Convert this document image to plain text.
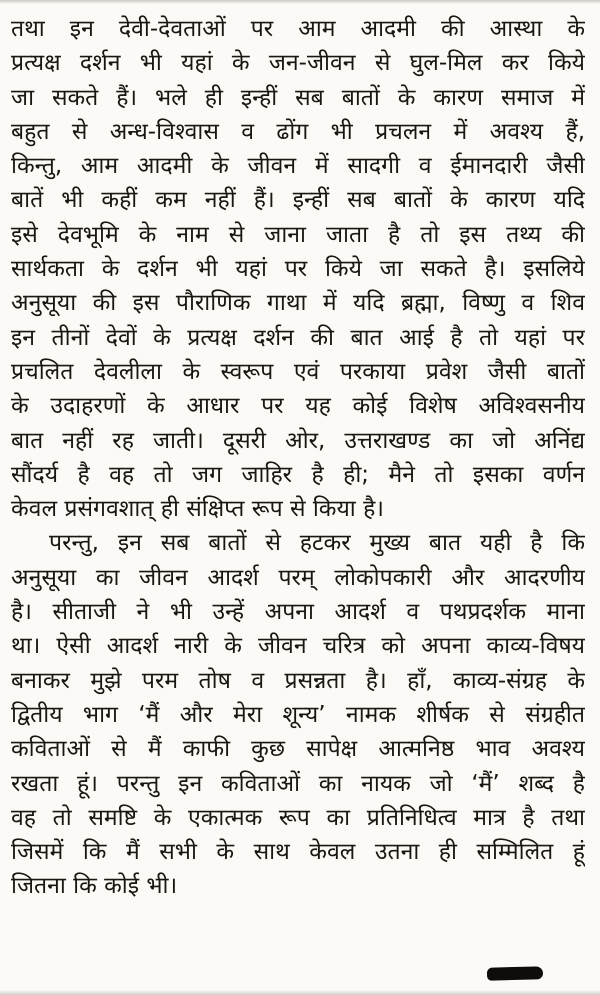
तथा इन देवी-देवताओं पर आम आदमी की आस्था के
प्रत्यक्ष दर्शन भी यहां के जन-जीवन से घुल-मिल कर किये
जा सकते हैं। भले ही इन्हीं सब बातों के कारण समाज में
बहुत से अन्ध-विश्वास व ढोंग भी प्रचलन में अवश्य हैं,
किन्तु, आम आदमी के जीवन में सादगी व ईमानदारी जैसी
बातें भी कहीं कम नहीं हैं। इन्हीं सब बातों के कारण यदि
इसे देवभूमि के नाम से जाना जाता है तो इस तथ्य की
सार्थकता के दर्शन भी यहां पर किये जा सकते है। इसलिये
अनुसूया की इस पौराणिक गाथा में यदि ब्रह्मा, विष्णु व शिव
इन तीनों देवों के प्रत्यक्ष दर्शन की बात आई है तो यहां पर
प्रचलित देवलीला के स्वरूप एवं परकाया प्रवेश जैसी बातों
के उदाहरणों के आधार पर यह कोई विशेष अविश्वसनीय
बात नहीं रह जाती। दूसरी ओर, उत्तराखण्ड का जो अनिंद्य
सौंदर्य है वह तो जग जाहिर है ही; मैने तो इसका वर्णन
केवल प्रसंगवशात् ही संक्षिप्त रूप से किया है।
परन्तु, इन सब बातों से हटकर मुख्य बात यही है कि
अनुसूया का जीवन आदर्श परम् लोकोपकारी और आदरणीय
है। सीताजी ने भी उन्हें अपना आदर्श व पथप्रदर्शक माना
था। ऐसी आदर्श नारी के जीवन चरित्र को अपना काव्य-विषय
बनाकर मुझे परम तोष व प्रसन्नता है। हाँ, काव्य-संग्रह के
द्वितीय भाग ‘मैं और मेरा शून्य’ नामक शीर्षक से संग्रहीत
कविताओं से मैं काफी कुछ सापेक्ष आत्मनिष्ठ भाव अवश्य
रखता हूं। परन्तु इन कविताओं का नायक जो ‘मैं’ शब्द है
वह तो समष्टि के एकात्मक रूप का प्रतिनिधित्व मात्र है तथा
जिसमें कि मैं सभी के साथ केवल उतना ही सम्मिलित हूं
जितना कि कोई भी।
